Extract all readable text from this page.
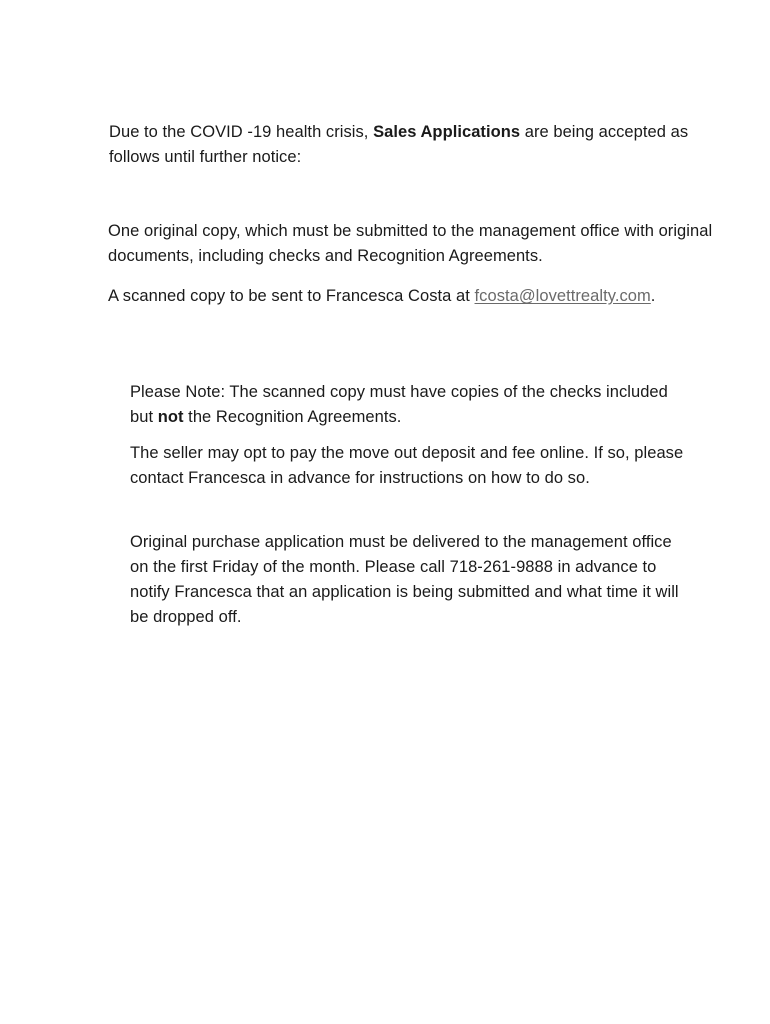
Due to the COVID -19 health crisis, Sales Applications are being accepted as follows until further notice:

One original copy, which must be submitted to the management office with original documents, including checks and Recognition Agreements.

A scanned copy to be sent to Francesca Costa at fcosta@lovettrealty.com.

Please Note: The scanned copy must have copies of the checks included but not the Recognition Agreements.

The seller may opt to pay the move out deposit and fee online. If so, please contact Francesca in advance for instructions on how to do so.

Original purchase application must be delivered to the management office on the first Friday of the month. Please call 718-261-9888 in advance to notify Francesca that an application is being submitted and what time it will be dropped off.
